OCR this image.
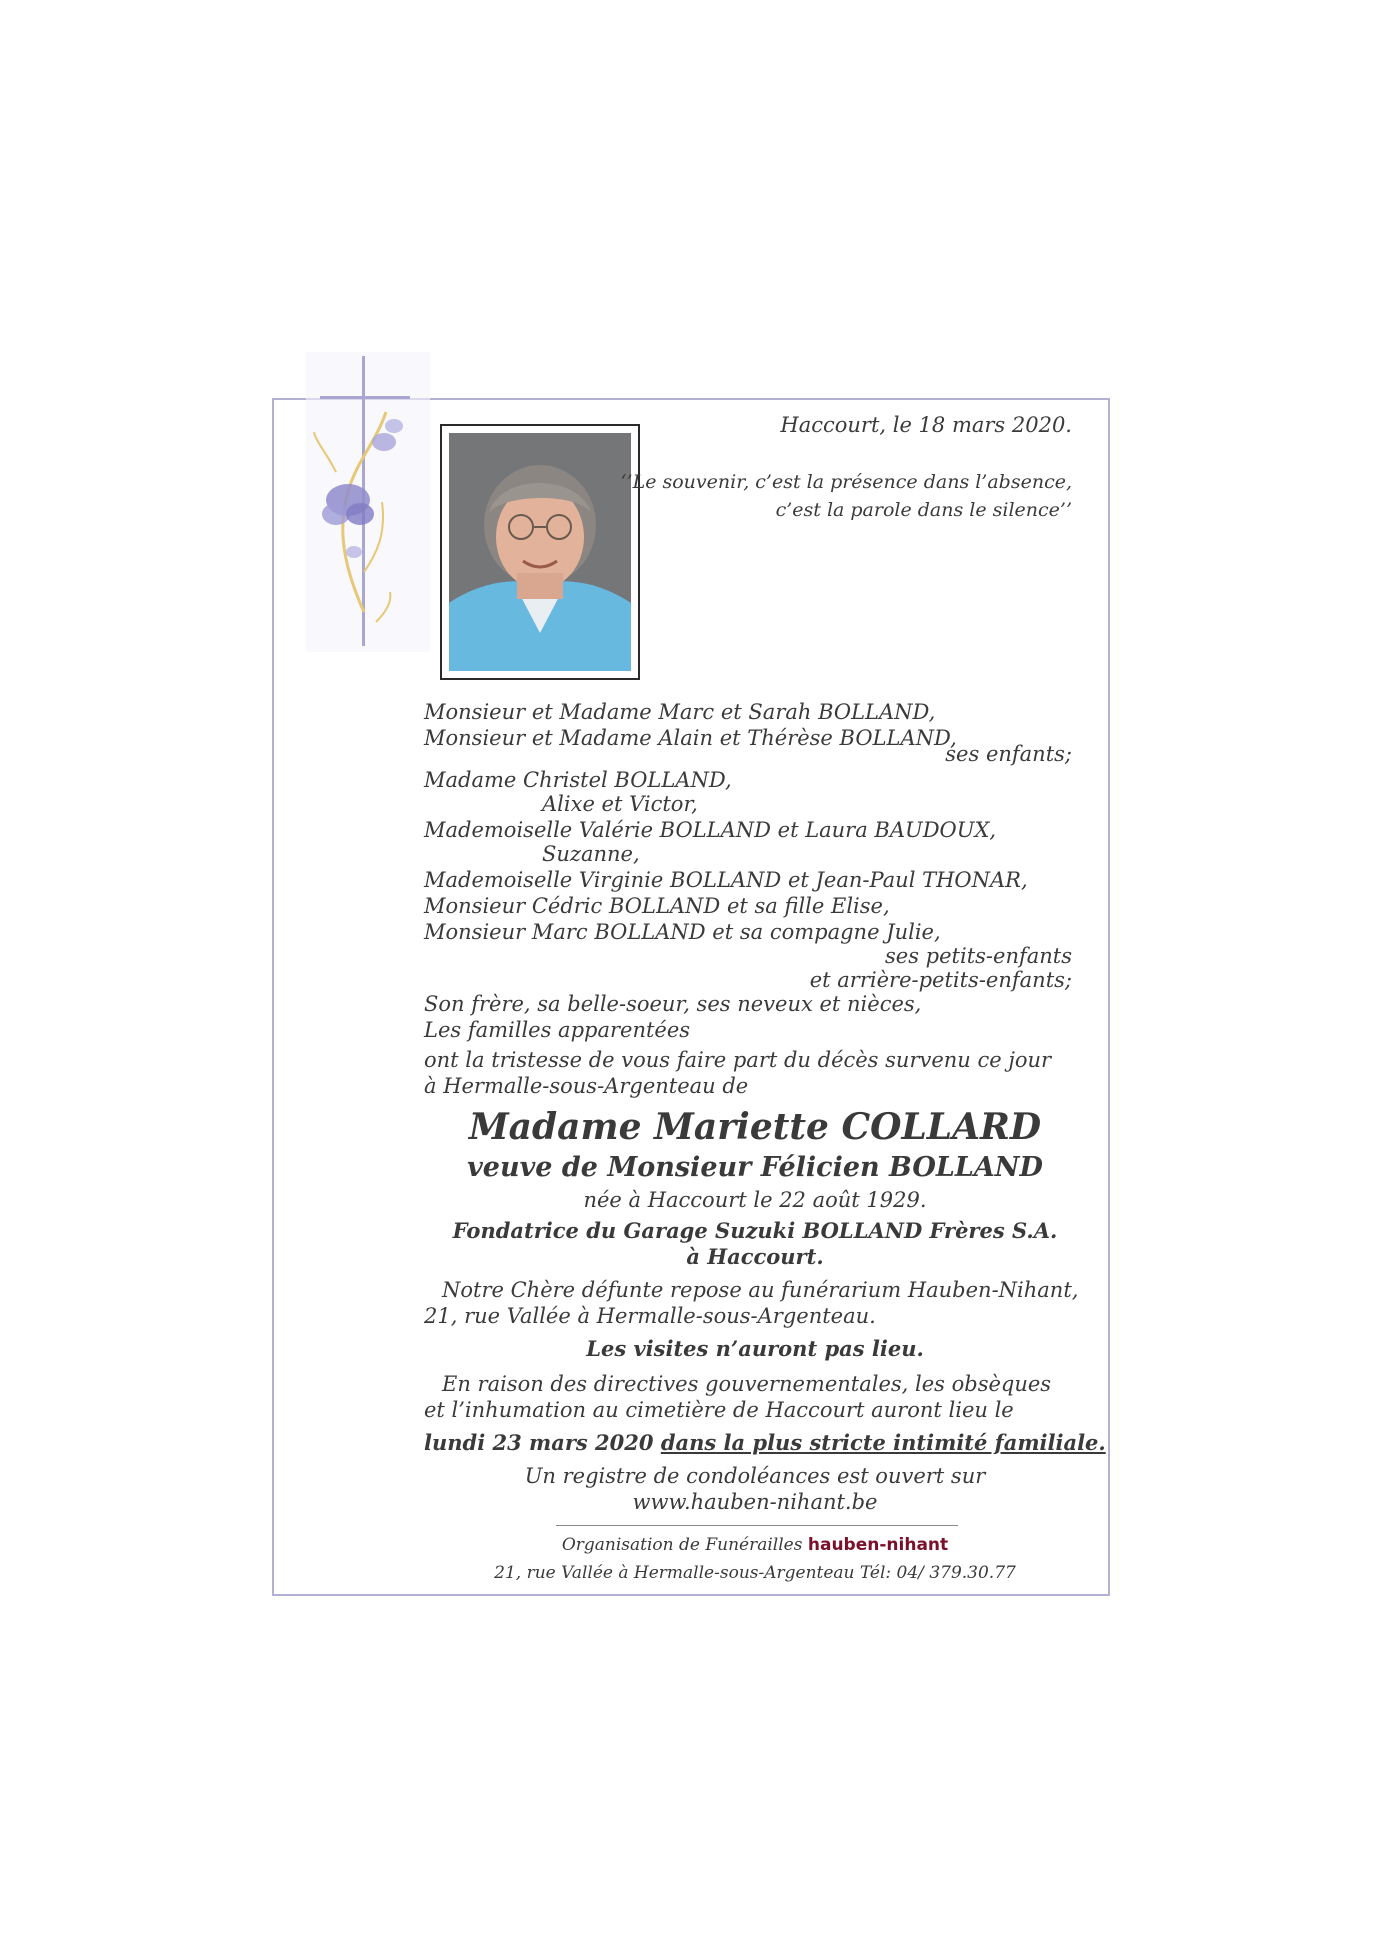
Haccourt, le 18 mars 2020.
‘’Le souvenir, c’est la présence dans l’absence,
c’est la parole dans le silence’’
Monsieur et Madame Marc et Sarah BOLLAND,
Monsieur et Madame Alain et Thérèse BOLLAND,
ses enfants;
Madame Christel BOLLAND,
Alixe et Victor,
Mademoiselle Valérie BOLLAND et Laura BAUDOUX,
Suzanne,
Mademoiselle Virginie BOLLAND et Jean-Paul THONAR,
Monsieur Cédric BOLLAND et sa fille Elise,
Monsieur Marc BOLLAND et sa compagne Julie,
ses petits-enfants
et arrière-petits-enfants;
Son frère, sa belle-soeur, ses neveux et nièces,
Les familles apparentées
ont la tristesse de vous faire part du décès survenu ce jour
à Hermalle-sous-Argenteau de
Madame Mariette COLLARD
veuve de Monsieur Félicien BOLLAND
née à Haccourt le 22 août 1929.
Fondatrice du Garage Suzuki BOLLAND Frères S.A.
à Haccourt.
Notre Chère défunte repose au funérarium Hauben-Nihant,
21, rue Vallée à Hermalle-sous-Argenteau.
Les visites n’auront pas lieu.
En raison des directives gouvernementales, les obsèques
et l’inhumation au cimetière de Haccourt auront lieu le
lundi 23 mars 2020 dans la plus stricte intimité familiale.
Un registre de condoléances est ouvert sur
www.hauben-nihant.be
Organisation de Funérailles hauben-nihant
21, rue Vallée à Hermalle-sous-Argenteau Tél: 04/ 379.30.77
